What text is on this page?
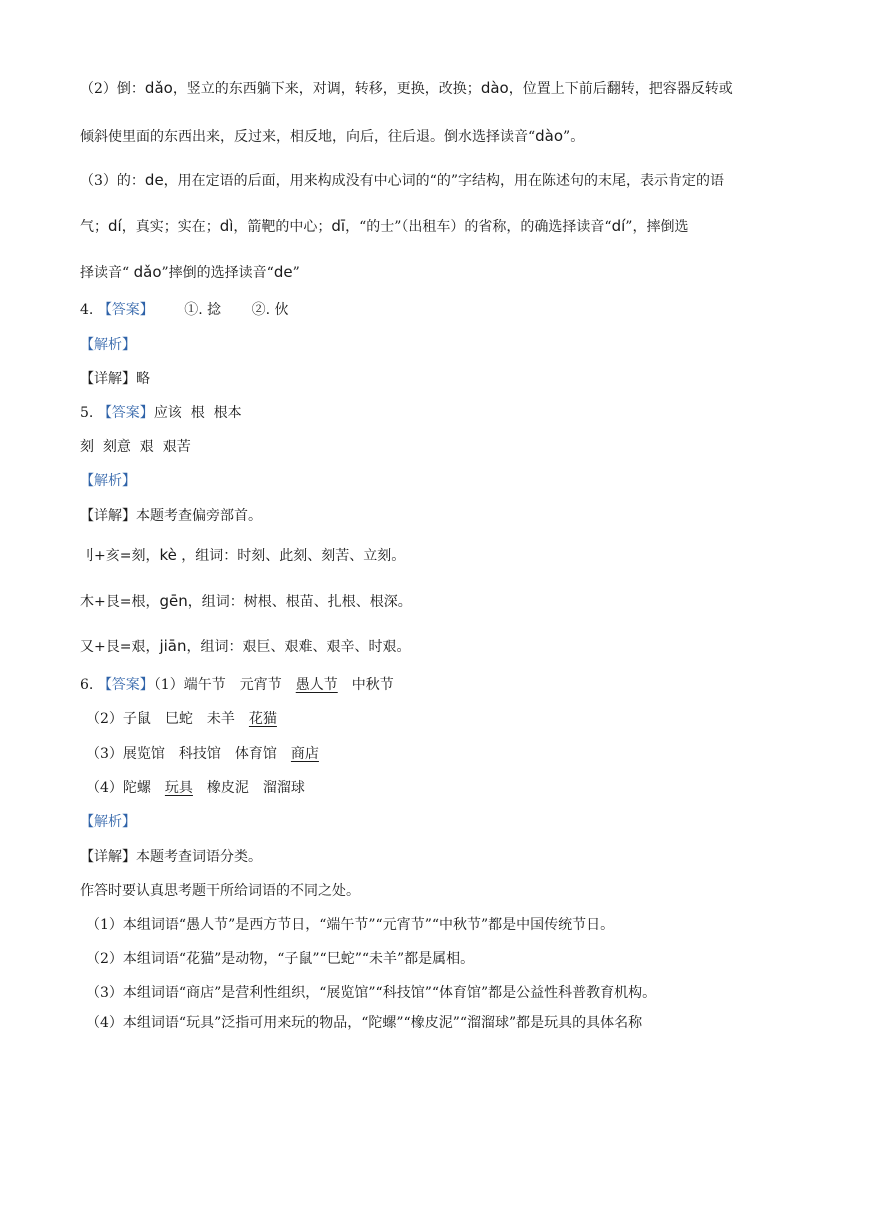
（2）倒：dǎo，竖立的东西躺下来，对调，转移，更换，改换；dào，位置上下前后翻转，把容器反转或
倾斜使里面的东西出来，反过来，相反地，向后，往后退。倒水选择读音“dào”。
（3）的：de，用在定语的后面，用来构成没有中心词的“的”字结构，用在陈述句的末尾，表示肯定的语
气；dí，真实；实在；dì，箭靶的中心；dī，“的士”（出租车）的省称，的确选择读音“dí”，摔倒选
择读音“ dǎo”摔倒的选择读音“de”
4. 【答案】 ①. 捻 ②. 伙
【解析】
【详解】略
5. 【答案】应该  根  根本
刻  刻意  艰  艰苦
【解析】
【详解】本题考查偏旁部首。
刂+亥=刻，kè ，组词：时刻、此刻、刻苦、立刻。
木+艮=根，gēn，组词：树根、根苗、扎根、根深。
又+艮=艰，jiān，组词：艰巨、艰难、艰辛、时艰。
6. 【答案】（1）端午节 元宵节 愚人节 中秋节
（2）子鼠 巳蛇 未羊 花猫
（3）展览馆 科技馆 体育馆 商店
（4）陀螺 玩具 橡皮泥 溜溜球
【解析】
【详解】本题考查词语分类。
作答时要认真思考题干所给词语的不同之处。
（1）本组词语“愚人节”是西方节日，“端午节”“元宵节”“中秋节”都是中国传统节日。
（2）本组词语“花猫”是动物，“子鼠”“巳蛇”“未羊”都是属相。
（3）本组词语“商店”是营利性组织，“展览馆”“科技馆”“体育馆”都是公益性科普教育机构。
（4）本组词语“玩具”泛指可用来玩的物品，“陀螺”“橡皮泥”“溜溜球”都是玩具的具体名称
